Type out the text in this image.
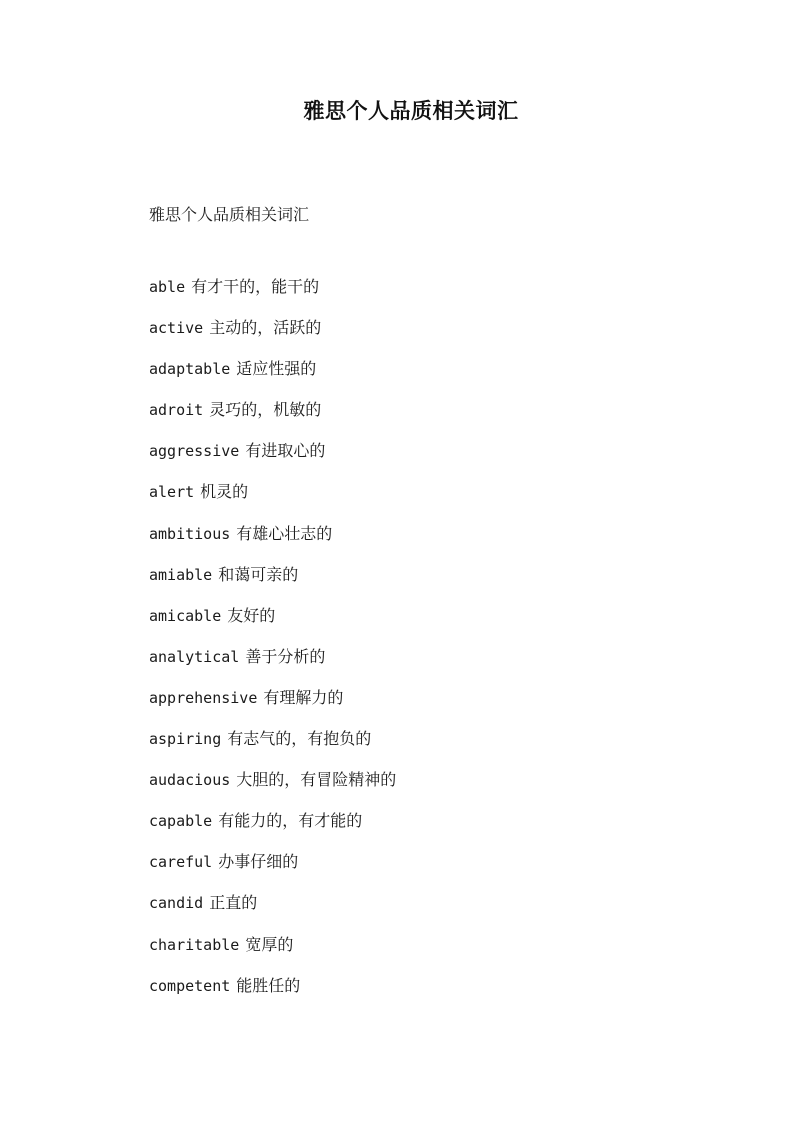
雅思个人品质相关词汇

雅思个人品质相关词汇

able 有才干的，能干的
active 主动的，活跃的
adaptable 适应性强的
adroit 灵巧的，机敏的
aggressive 有进取心的
alert 机灵的
ambitious 有雄心壮志的
amiable 和蔼可亲的
amicable 友好的
analytical 善于分析的
apprehensive 有理解力的
aspiring 有志气的，有抱负的
audacious 大胆的，有冒险精神的
capable 有能力的，有才能的
careful 办事仔细的
candid 正直的
charitable 宽厚的
competent 能胜任的
